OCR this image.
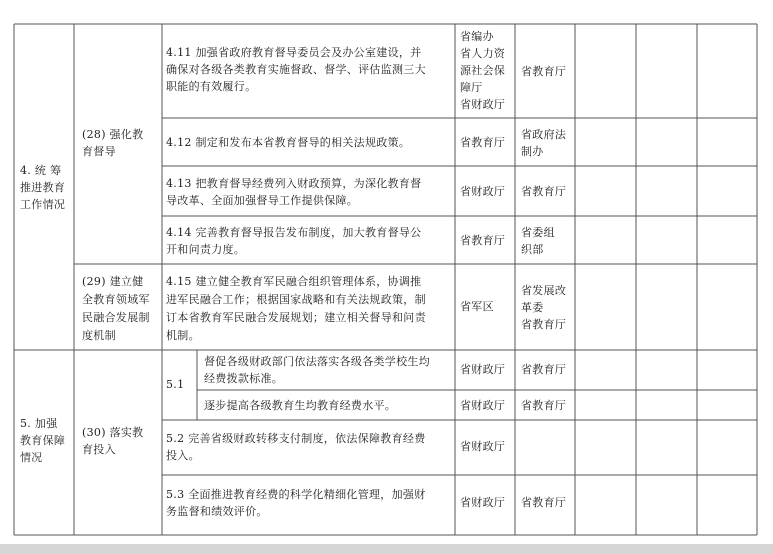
4. 统 筹
推进教育
工作情况
5. 加强
教育保障
情况
(28) 强化教
育督导
(29) 建立健
全教育领域军
民融合发展制
度机制
(30) 落实教
育投入
4.11 加强省政府教育督导委员会及办公室建设，并
确保对各级各类教育实施督政、督学、评估监测三大
职能的有效履行。
4.12 制定和发布本省教育督导的相关法规政策。
4.13 把教育督导经费列入财政预算，为深化教育督
导改革、全面加强督导工作提供保障。
4.14 完善教育督导报告发布制度，加大教育督导公
开和问责力度。
4.15 建立健全教育军民融合组织管理体系，协调推
进军民融合工作；根据国家战略和有关法规政策，制
订本省教育军民融合发展规划；建立相关督导和问责
机制。
5.1
督促各级财政部门依法落实各级各类学校生均
经费拨款标准。
逐步提高各级教育生均教育经费水平。
5.2 完善省级财政转移支付制度，依法保障教育经费
投入。
5.3 全面推进教育经费的科学化精细化管理，加强财
务监督和绩效评价。
省编办
省人力资
源社会保
障厅
省财政厅
省教育厅
省财政厅
省教育厅
省军区
省财政厅
省财政厅
省财政厅
省财政厅
省教育厅
省政府法
制办
省教育厅
省委组
织部
省发展改
革委
省教育厅
省教育厅
省教育厅
省教育厅
